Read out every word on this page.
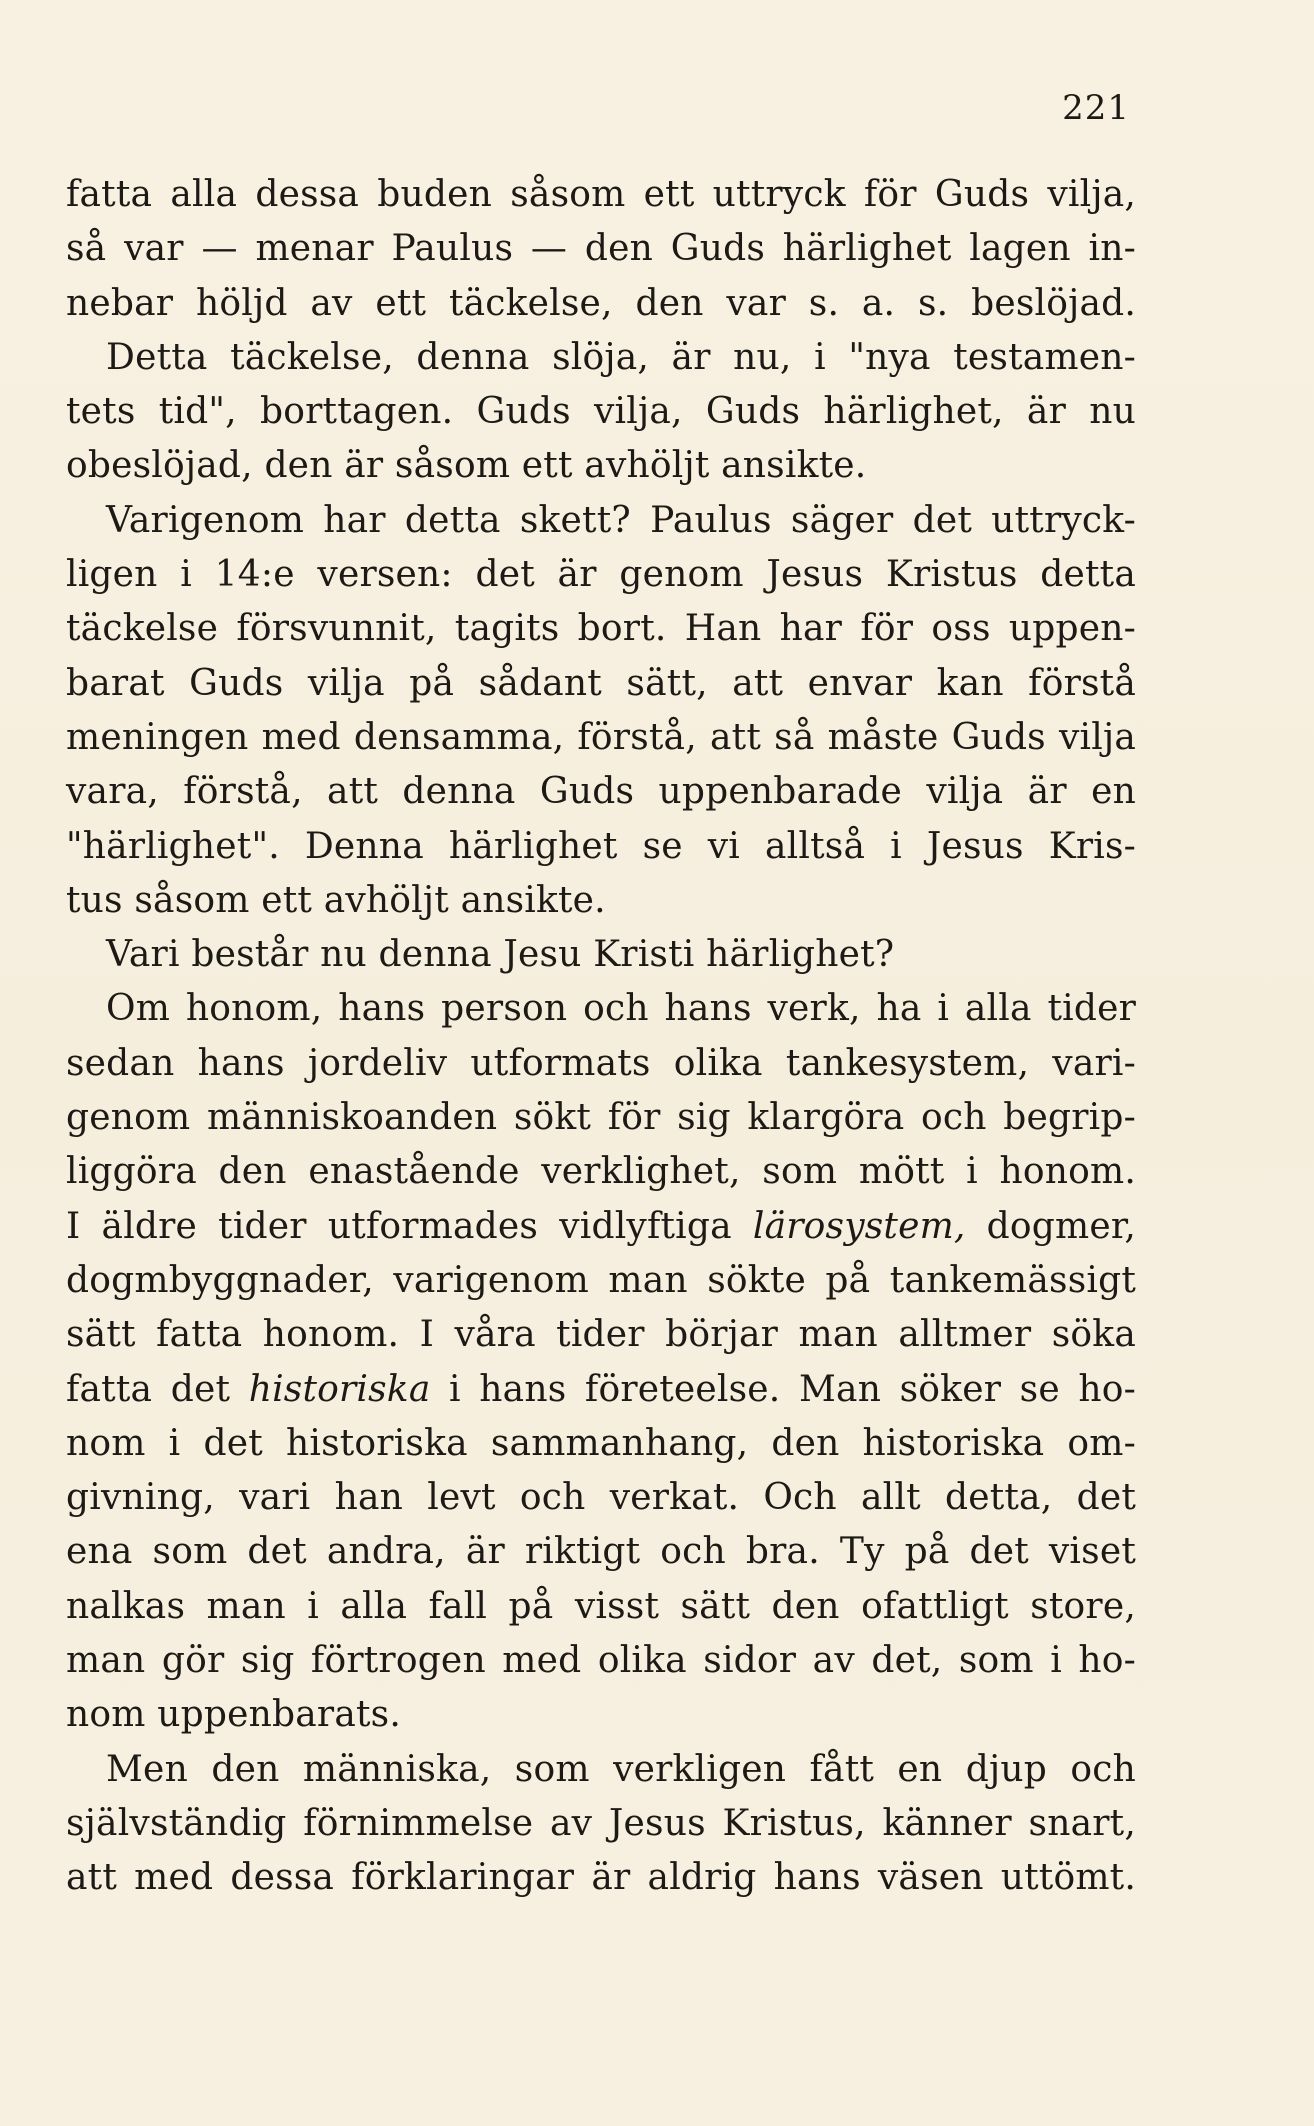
221
fatta alla dessa buden såsom ett uttryck för Guds vilja,
så var — menar Paulus — den Guds härlighet lagen in-
nebar höljd av ett täckelse, den var s. a. s. beslöjad.
Detta täckelse, denna slöja, är nu, i "nya testamen-
tets tid", borttagen. Guds vilja, Guds härlighet, är nu
obeslöjad, den är såsom ett avhöljt ansikte.
Varigenom har detta skett? Paulus säger det uttryck-
ligen i 14:e versen: det är genom Jesus Kristus detta
täckelse försvunnit, tagits bort. Han har för oss uppen-
barat Guds vilja på sådant sätt, att envar kan förstå
meningen med densamma, förstå, att så måste Guds vilja
vara, förstå, att denna Guds uppenbarade vilja är en
"härlighet". Denna härlighet se vi alltså i Jesus Kris-
tus såsom ett avhöljt ansikte.
Vari består nu denna Jesu Kristi härlighet?
Om honom, hans person och hans verk, ha i alla tider
sedan hans jordeliv utformats olika tankesystem, vari-
genom människoanden sökt för sig klargöra och begrip-
liggöra den enastående verklighet, som mött i honom.
I äldre tider utformades vidlyftiga lärosystem, dogmer,
dogmbyggnader, varigenom man sökte på tankemässigt
sätt fatta honom. I våra tider börjar man alltmer söka
fatta det historiska i hans företeelse. Man söker se ho-
nom i det historiska sammanhang, den historiska om-
givning, vari han levt och verkat. Och allt detta, det
ena som det andra, är riktigt och bra. Ty på det viset
nalkas man i alla fall på visst sätt den ofattligt store,
man gör sig förtrogen med olika sidor av det, som i ho-
nom uppenbarats.
Men den människa, som verkligen fått en djup och
självständig förnimmelse av Jesus Kristus, känner snart,
att med dessa förklaringar är aldrig hans väsen uttömt.
